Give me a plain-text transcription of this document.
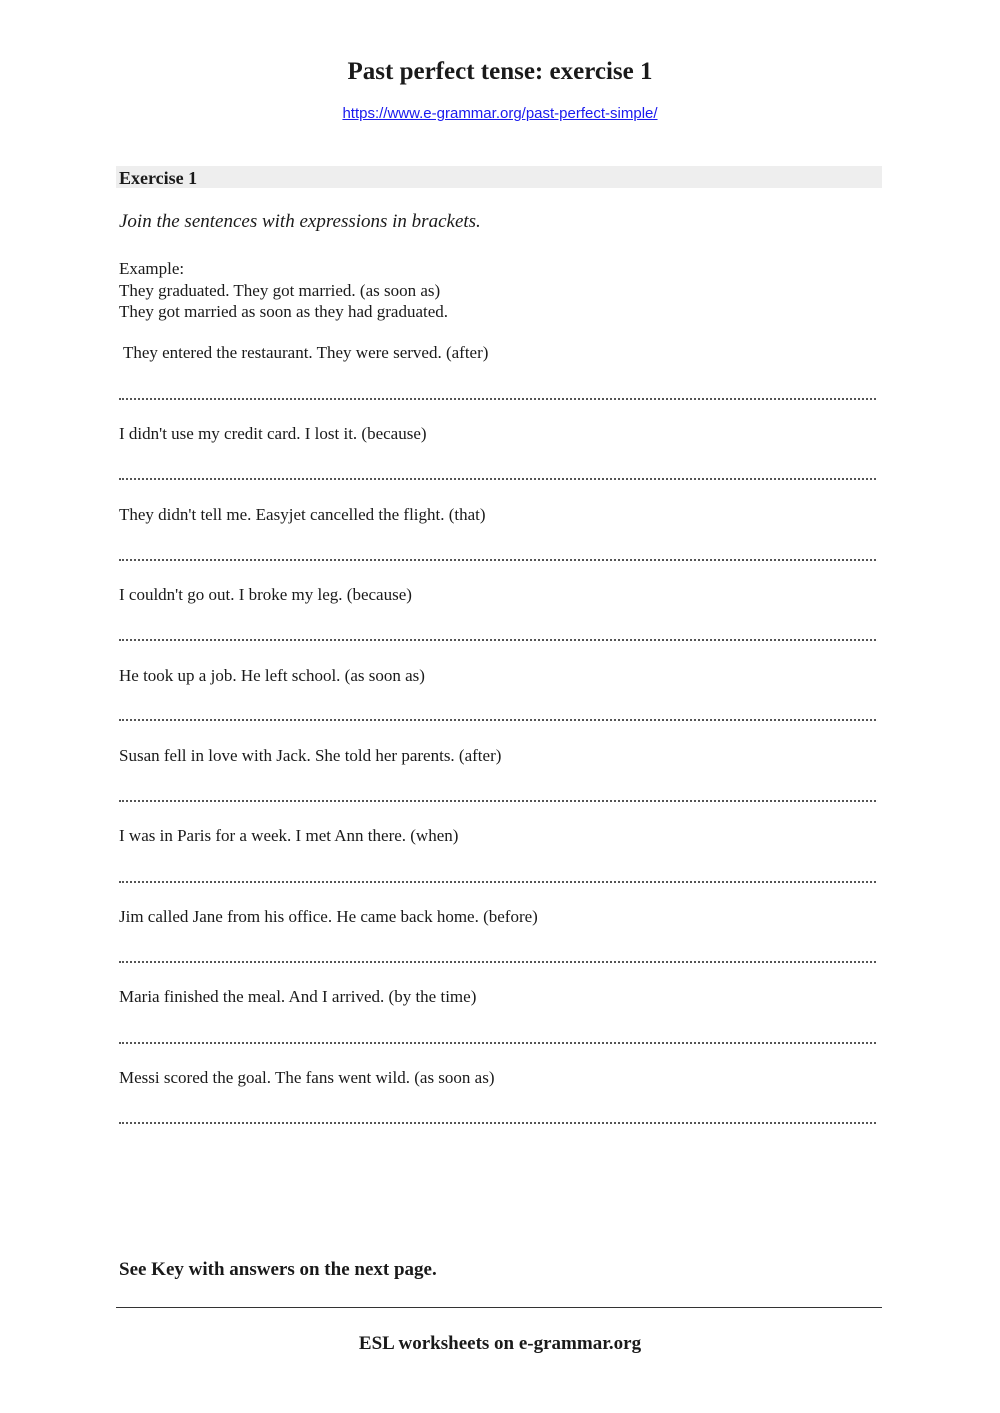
Past perfect tense: exercise 1
https://www.e-grammar.org/past-perfect-simple/
Exercise 1
Join the sentences with expressions in brackets.
Example:
They graduated. They got married. (as soon as)
They got married as soon as they had graduated.
They entered the restaurant. They were served. (after)
I didn't use my credit card. I lost it. (because)
They didn't tell me. Easyjet cancelled the flight. (that)
I couldn't go out. I broke my leg. (because)
He took up a job. He left school. (as soon as)
Susan fell in love with Jack. She told her parents. (after)
I was in Paris for a week. I met Ann there. (when)
Jim called Jane from his office. He came back home. (before)
Maria finished the meal. And I arrived. (by the time)
Messi scored the goal. The fans went wild. (as soon as)
See Key with answers on the next page.
ESL worksheets on e-grammar.org
